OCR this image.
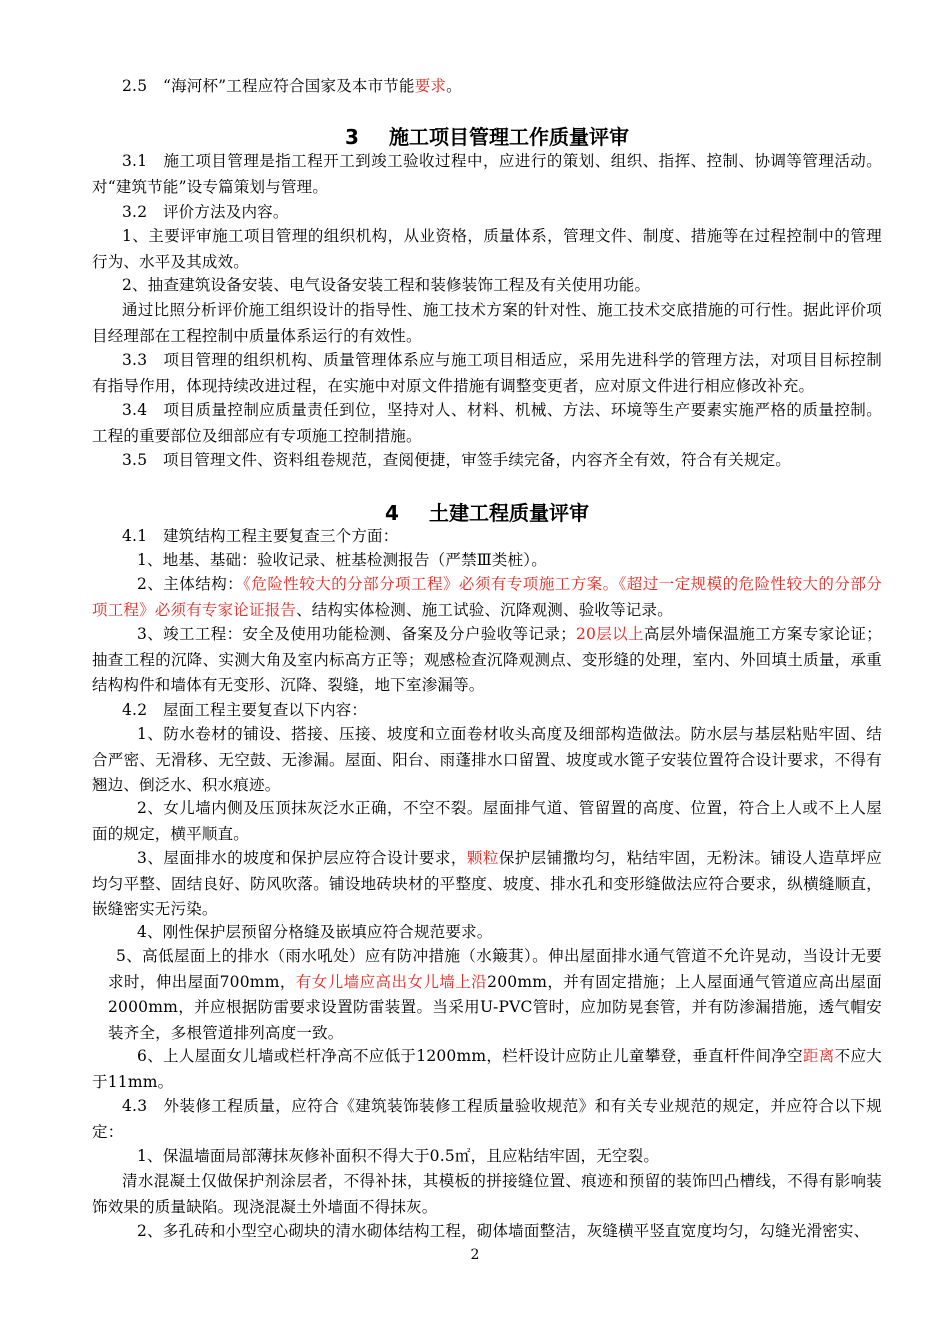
2.5　“海河杯”工程应符合国家及本市节能要求。

3 施工项目管理工作质量评审

3.1　施工项目管理是指工程开工到竣工验收过程中，应进行的策划、组织、指挥、控制、协调等管理活动。对“建筑节能”设专篇策划与管理。

3.2　评价方法及内容。

1、主要评审施工项目管理的组织机构，从业资格，质量体系，管理文件、制度、措施等在过程控制中的管理行为、水平及其成效。

2、抽查建筑设备安装、电气设备安装工程和装修装饰工程及有关使用功能。

通过比照分析评价施工组织设计的指导性、施工技术方案的针对性、施工技术交底措施的可行性。据此评价项目经理部在工程控制中质量体系运行的有效性。

3.3　项目管理的组织机构、质量管理体系应与施工项目相适应，采用先进科学的管理方法，对项目目标控制有指导作用，体现持续改进过程，在实施中对原文件措施有调整变更者，应对原文件进行相应修改补充。

3.4　项目质量控制应质量责任到位，坚持对人、材料、机械、方法、环境等生产要素实施严格的质量控制。工程的重要部位及细部应有专项施工控制措施。

3.5　项目管理文件、资料组卷规范，查阅便捷，审签手续完备，内容齐全有效，符合有关规定。

4 土建工程质量评审

4.1　建筑结构工程主要复查三个方面：

1、地基、基础：验收记录、桩基检测报告（严禁Ⅲ类桩）。

2、主体结构：《危险性较大的分部分项工程》必须有专项施工方案。《超过一定规模的危险性较大的分部分项工程》必须有专家论证报告、结构实体检测、施工试验、沉降观测、验收等记录。

3、竣工工程：安全及使用功能检测、备案及分户验收等记录；20层以上高层外墙保温施工方案专家论证；抽查工程的沉降、实测大角及室内标高方正等；观感检查沉降观测点、变形缝的处理，室内、外回填土质量，承重结构构件和墙体有无变形、沉降、裂缝，地下室渗漏等。

4.2　屋面工程主要复查以下内容：

1、防水卷材的铺设、搭接、压接、坡度和立面卷材收头高度及细部构造做法。防水层与基层粘贴牢固、结合严密、无滑移、无空鼓、无渗漏。屋面、阳台、雨蓬排水口留置、坡度或水篦子安装位置符合设计要求，不得有翘边、倒泛水、积水痕迹。

2、女儿墙内侧及压顶抹灰泛水正确，不空不裂。屋面排气道、管留置的高度、位置，符合上人或不上人屋面的规定，横平顺直。

3、屋面排水的坡度和保护层应符合设计要求，颗粒保护层铺撒均匀，粘结牢固，无粉沫。铺设人造草坪应均匀平整、固结良好、防风吹落。铺设地砖块材的平整度、坡度、排水孔和变形缝做法应符合要求，纵横缝顺直，嵌缝密实无污染。

4、刚性保护层预留分格缝及嵌填应符合规范要求。

5、高低屋面上的排水（雨水吼处）应有防冲措施（水簸萁）。伸出屋面排水通气管道不允许晃动，当设计无要求时，伸出屋面700mm，有女儿墙应高出女儿墙上沿200mm，并有固定措施；上人屋面通气管道应高出屋面2000mm，并应根据防雷要求设置防雷装置。当采用U-PVC管时，应加防晃套管，并有防渗漏措施，透气帽安装齐全，多根管道排列高度一致。

6、上人屋面女儿墙或栏杆净高不应低于1200mm，栏杆设计应防止儿童攀登，垂直杆件间净空距离不应大于11mm。

4.3　外装修工程质量，应符合《建筑装饰装修工程质量验收规范》和有关专业规范的规定，并应符合以下规定：

1、保温墙面局部薄抹灰修补面积不得大于0.5㎡，且应粘结牢固，无空裂。

清水混凝土仅做保护剂涂层者，不得补抹，其模板的拼接缝位置、痕迹和预留的装饰凹凸槽线，不得有影响装饰效果的质量缺陷。现浇混凝土外墙面不得抹灰。

2、多孔砖和小型空心砌块的清水砌体结构工程，砌体墙面整洁，灰缝横平竖直宽度均匀，勾缝光滑密实、

2
